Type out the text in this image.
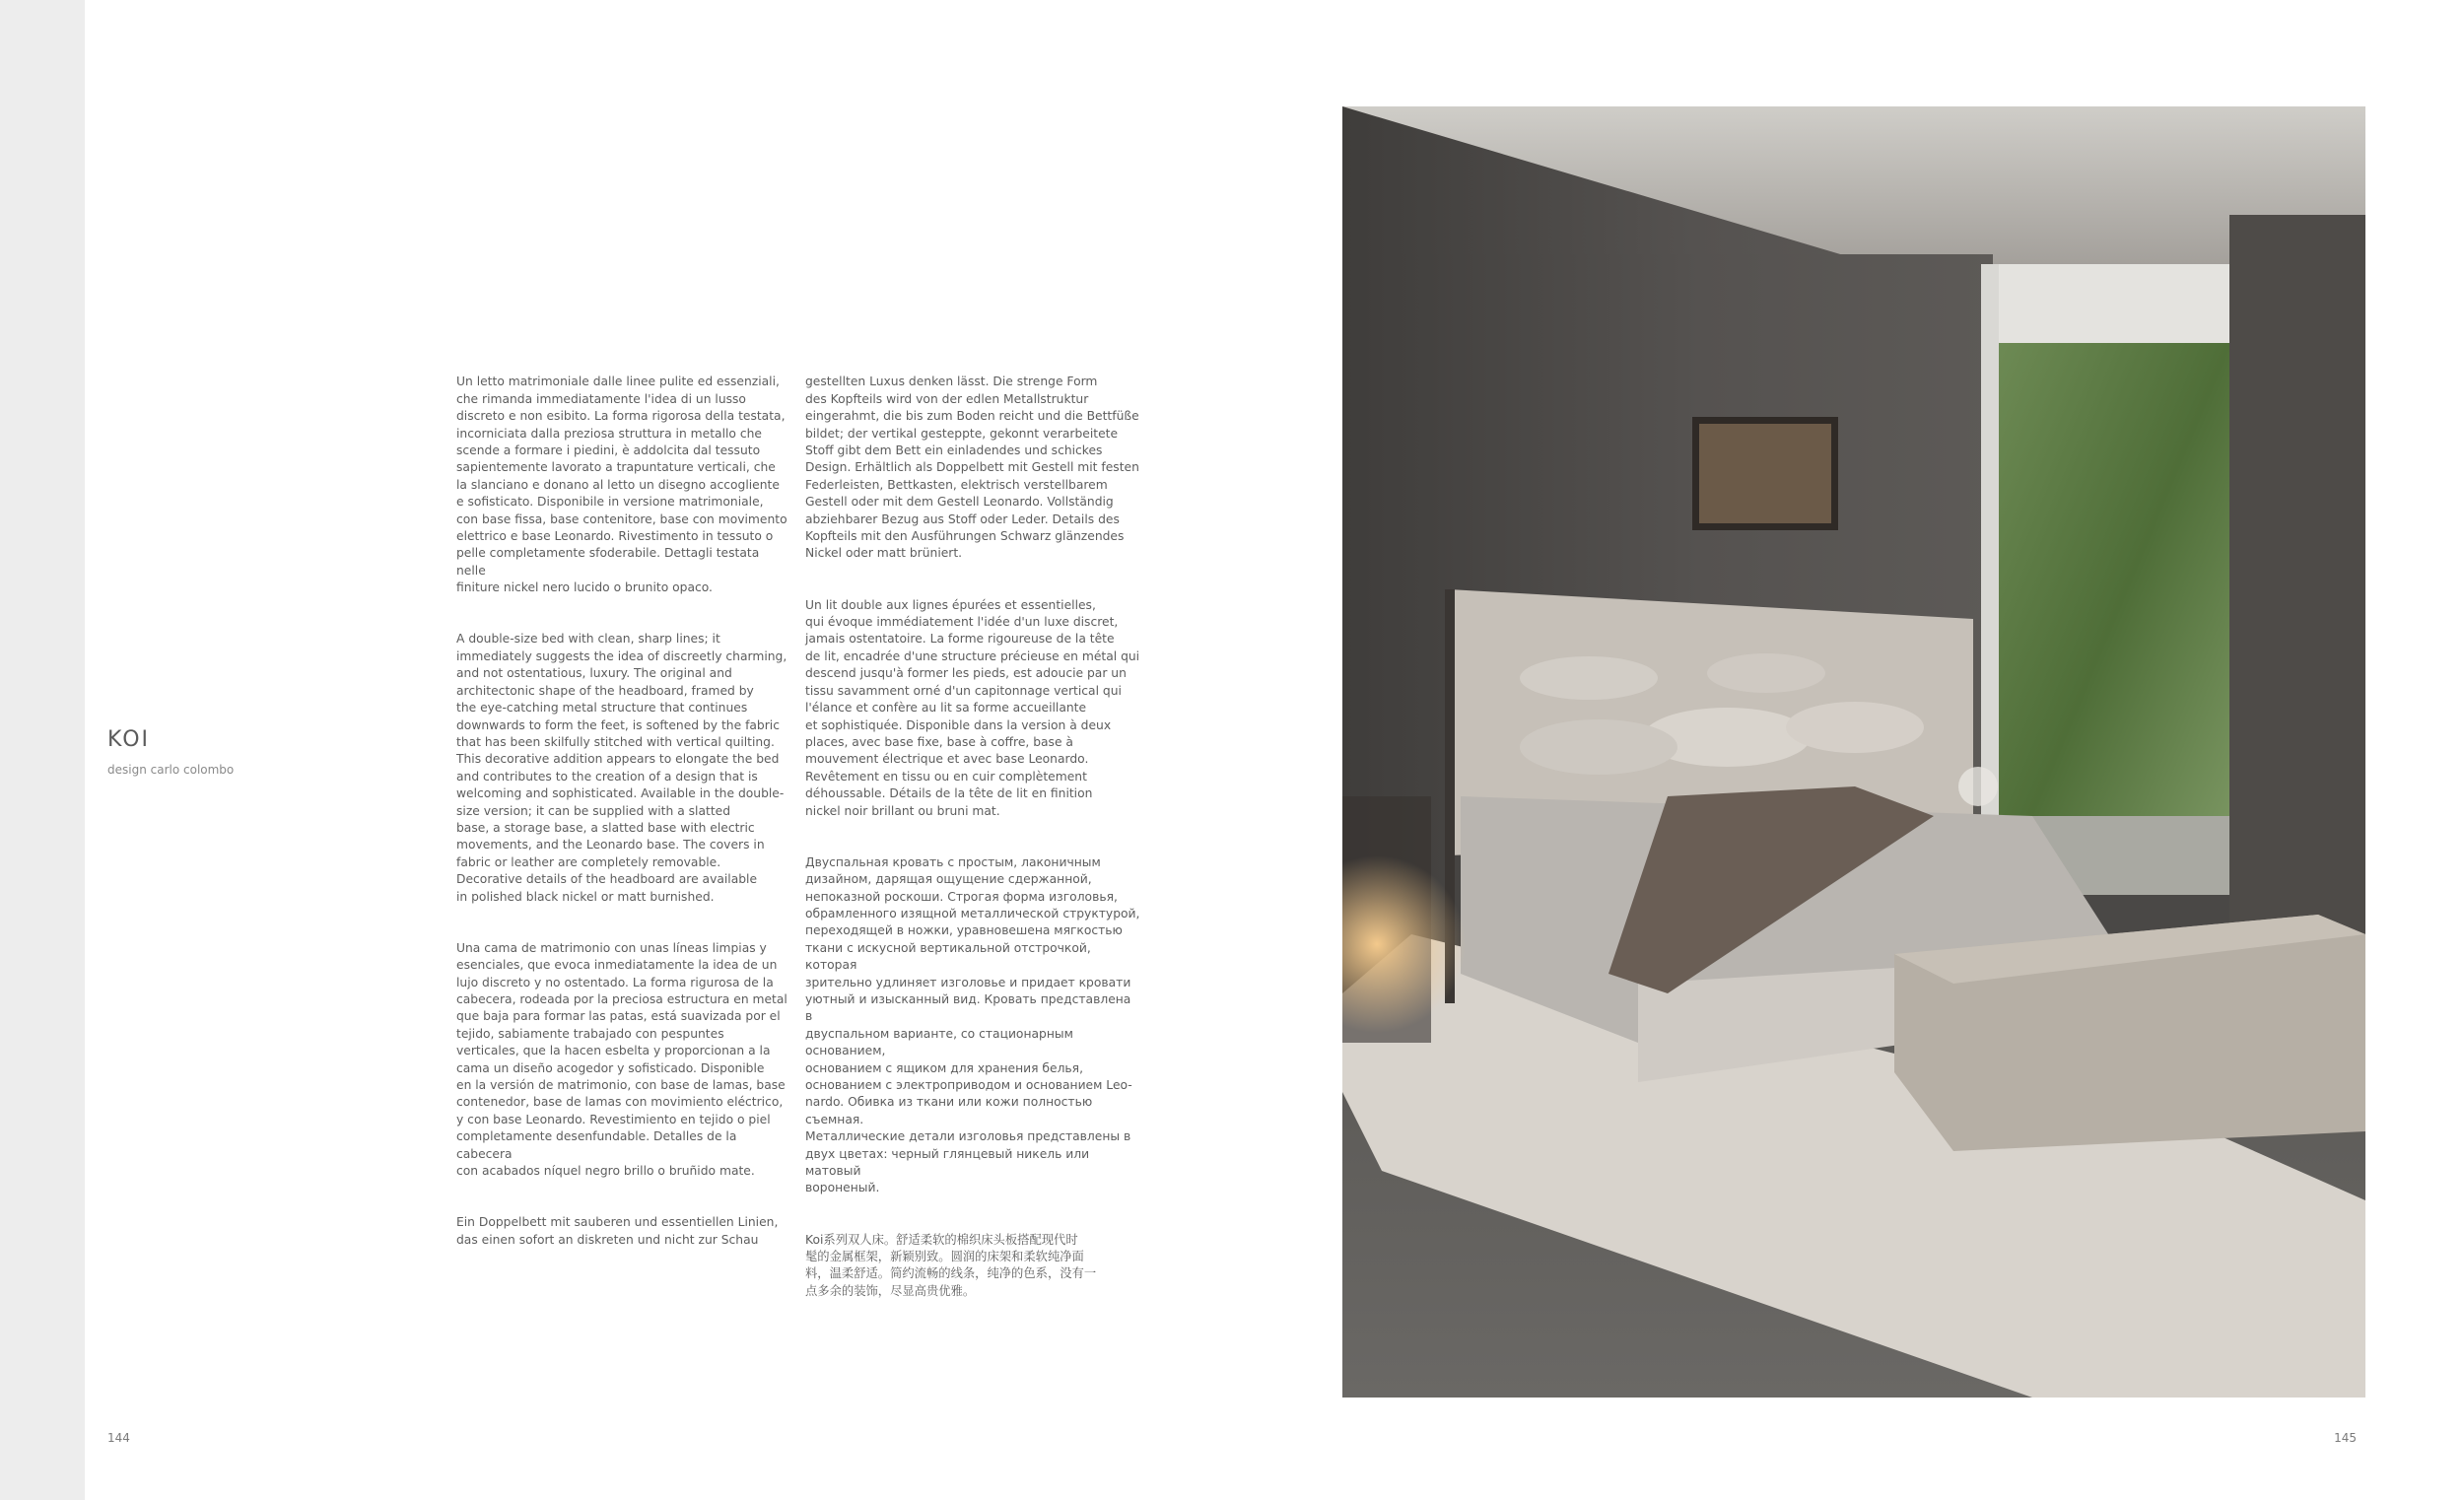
KOI
design carlo colombo

Un letto matrimoniale dalle linee pulite ed essenziali,
che rimanda immediatamente l'idea di un lusso
discreto e non esibito. La forma rigorosa della testata,
incorniciata dalla preziosa struttura in metallo che
scende a formare i piedini, è addolcita dal tessuto
sapientemente lavorato a trapuntature verticali, che
la slanciano e donano al letto un disegno accogliente
e sofisticato. Disponibile in versione matrimoniale,
con base fissa, base contenitore, base con movimento
elettrico e base Leonardo. Rivestimento in tessuto o
pelle completamente sfoderabile. Dettagli testata nelle
finiture nickel nero lucido o brunito opaco.

A double-size bed with clean, sharp lines; it
immediately suggests the idea of discreetly charming,
and not ostentatious, luxury. The original and
architectonic shape of the headboard, framed by
the eye-catching metal structure that continues
downwards to form the feet, is softened by the fabric
that has been skilfully stitched with vertical quilting.
This decorative addition appears to elongate the bed
and contributes to the creation of a design that is
welcoming and sophisticated. Available in the double-
size version; it can be supplied with a slatted
base, a storage base, a slatted base with electric
movements, and the Leonardo base. The covers in
fabric or leather are completely removable.
Decorative details of the headboard are available
in polished black nickel or matt burnished.

Una cama de matrimonio con unas líneas limpias y
esenciales, que evoca inmediatamente la idea de un
lujo discreto y no ostentado. La forma rigurosa de la
cabecera, rodeada por la preciosa estructura en metal
que baja para formar las patas, está suavizada por el
tejido, sabiamente trabajado con pespuntes
verticales, que la hacen esbelta y proporcionan a la
cama un diseño acogedor y sofisticado. Disponible
en la versión de matrimonio, con base de lamas, base
contenedor, base de lamas con movimiento eléctrico,
y con base Leonardo. Revestimiento en tejido o piel
completamente desenfundable. Detalles de la cabecera
con acabados níquel negro brillo o bruñido mate.

Ein Doppelbett mit sauberen und essentiellen Linien,
das einen sofort an diskreten und nicht zur Schau

gestellten Luxus denken lässt. Die strenge Form
des Kopfteils wird von der edlen Metallstruktur
eingerahmt, die bis zum Boden reicht und die Bettfüße
bildet; der vertikal gesteppte, gekonnt verarbeitete
Stoff gibt dem Bett ein einladendes und schickes
Design. Erhältlich als Doppelbett mit Gestell mit festen
Federleisten, Bettkasten, elektrisch verstellbarem
Gestell oder mit dem Gestell Leonardo. Vollständig
abziehbarer Bezug aus Stoff oder Leder. Details des
Kopfteils mit den Ausführungen Schwarz glänzendes
Nickel oder matt brüniert.

Un lit double aux lignes épurées et essentielles,
qui évoque immédiatement l'idée d'un luxe discret,
jamais ostentatoire. La forme rigoureuse de la tête
de lit, encadrée d'une structure précieuse en métal qui
descend jusqu'à former les pieds, est adoucie par un
tissu savamment orné d'un capitonnage vertical qui
l'élance et confère au lit sa forme accueillante
et sophistiquée. Disponible dans la version à deux
places, avec base fixe, base à coffre, base à
mouvement électrique et avec base Leonardo.
Revêtement en tissu ou en cuir complètement
déhoussable. Détails de la tête de lit en finition
nickel noir brillant ou bruni mat.

Двуспальная кровать с простым, лаконичным
дизайном, дарящая ощущение сдержанной,
непоказной роскоши. Строгая форма изголовья,
обрамленного изящной металлической структурой,
переходящей в ножки, уравновешена мягкостью
ткани с искусной вертикальной отстрочкой, которая
зрительно удлиняет изголовье и придает кровати
уютный и изысканный вид. Кровать представлена в
двуспальном варианте, со стационарным основанием,
основанием с ящиком для хранения белья,
основанием с электроприводом и основанием Leo-
nardo. Обивка из ткани или кожи полностью съемная.
Металлические детали изголовья представлены в
двух цветах: черный глянцевый никель или матовый
вороненый.

Koi系列双人床。舒适柔软的棉织床头板搭配现代时
髦的金属框架，新颖别致。圆润的床架和柔软纯净面
料，温柔舒适。简约流畅的线条，纯净的色系，没有一
点多余的装饰，尽显高贵优雅。

144	145
